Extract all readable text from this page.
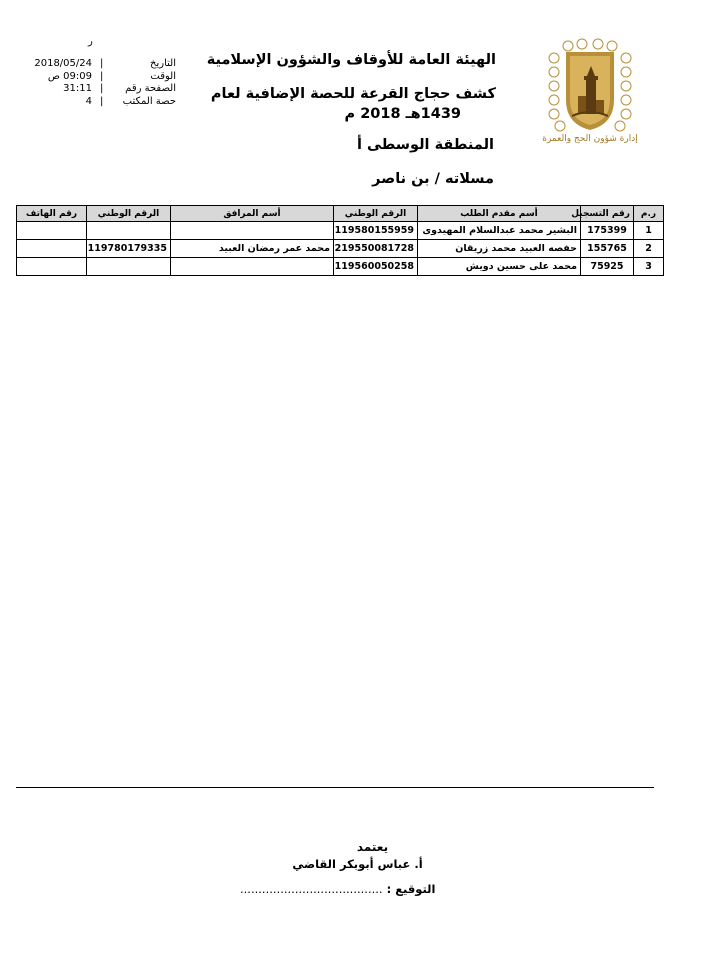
ر
2018/05/24 |	التاريخ
09:09 ص |	الوقت
31:11 |	الصفحة رقم
4 |	حصة المكتب
الهيئة العامة للأوقاف والشؤون الإسلامية
كشف حجاج القرعة للحصة الإضافية لعام
1439هـ 2018 م
المنطقة الوسطى أ
مسلاته / بن ناصر
إدارة شؤون الحج والعمرة
ر.م	رقم التسجيل	أسم مقدم الطلب	الرقم الوطني	أسم المرافق	الرقم الوطني	رقم الهاتف
1	175399	البشير محمد عبدالسلام المهيدوى	119580155959			
2	155765	حفصه العبيد محمد زريقان	219550081728	محمد عمر رمضان العبيد	119780179335	
3	75925	محمد على حسين دويش	119560050258			
يعتمد
أ. عباس أبوبكر القاضي
التوقيع : .......................................
